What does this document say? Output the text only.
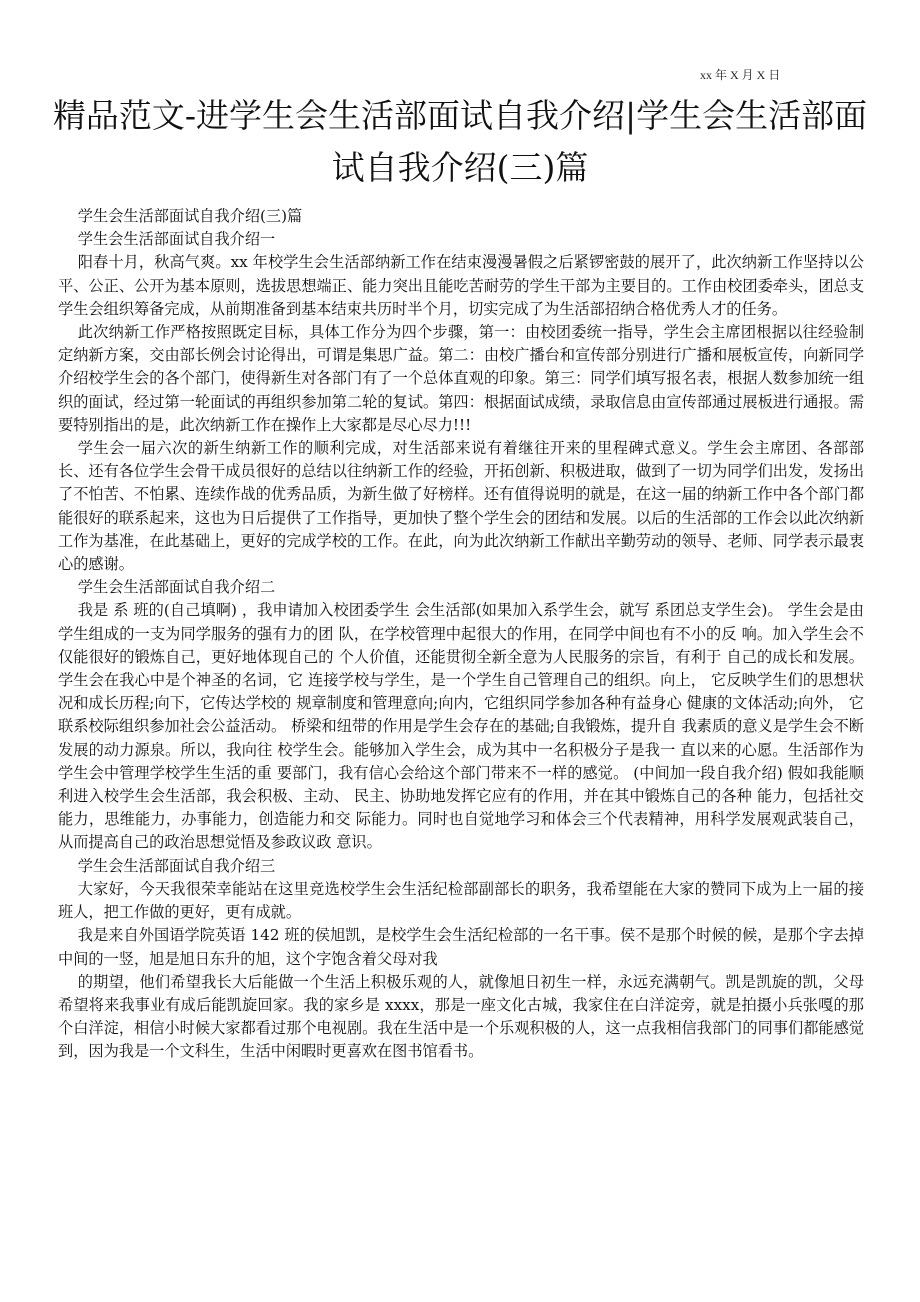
xx 年 X 月 X 日
精品范文-进学生会生活部面试自我介绍|学生会生活部面试自我介绍(三)篇

学生会生活部面试自我介绍(三)篇

学生会生活部面试自我介绍一

阳春十月，秋高气爽。xx 年校学生会生活部纳新工作在结束漫漫暑假之后紧锣密鼓的展开了，此次纳新工作坚持以公平、公正、公开为基本原则，选拔思想端正、能力突出且能吃苦耐劳的学生干部为主要目的。工作由校团委牵头，团总支学生会组织筹备完成，从前期准备到基本结束共历时半个月，切实完成了为生活部招纳合格优秀人才的任务。

此次纳新工作严格按照既定目标，具体工作分为四个步骤，第一：由校团委统一指导，学生会主席团根据以往经验制定纳新方案，交由部长例会讨论得出，可谓是集思广益。第二：由校广播台和宣传部分别进行广播和展板宣传，向新同学介绍校学生会的各个部门，使得新生对各部门有了一个总体直观的印象。第三：同学们填写报名表，根据人数参加统一组织的面试，经过第一轮面试的再组织参加第二轮的复试。第四：根据面试成绩，录取信息由宣传部通过展板进行通报。需要特别指出的是，此次纳新工作在操作上大家都是尽心尽力!!!

学生会一届六次的新生纳新工作的顺利完成，对生活部来说有着继往开来的里程碑式意义。学生会主席团、各部部长、还有各位学生会骨干成员很好的总结以往纳新工作的经验，开拓创新、积极进取，做到了一切为同学们出发，发扬出了不怕苦、不怕累、连续作战的优秀品质，为新生做了好榜样。还有值得说明的就是，在这一届的纳新工作中各个部门都能很好的联系起来，这也为日后提供了工作指导，更加快了整个学生会的团结和发展。以后的生活部的工作会以此次纳新工作为基准，在此基础上，更好的完成学校的工作。在此，向为此次纳新工作献出辛勤劳动的领导、老师、同学表示最衷心的感谢。

学生会生活部面试自我介绍二

我是 系 班的(自己填啊) ，我申请加入校团委学生 会生活部(如果加入系学生会，就写 系团总支学生会)。 学生会是由学生组成的一支为同学服务的强有力的团 队，在学校管理中起很大的作用，在同学中间也有不小的反 响。加入学生会不仅能很好的锻炼自己，更好地体现自己的 个人价值，还能贯彻全新全意为人民服务的宗旨，有利于 自己的成长和发展。学生会在我心中是个神圣的名词，它 连接学校与学生，是一个学生自己管理自己的组织。向上， 它反映学生们的思想状况和成长历程;向下，它传达学校的 规章制度和管理意向;向内，它组织同学参加各种有益身心 健康的文体活动;向外， 它联系校际组织参加社会公益活动。 桥梁和纽带的作用是学生会存在的基础;自我锻炼，提升自 我素质的意义是学生会不断发展的动力源泉。所以，我向往 校学生会。能够加入学生会，成为其中一名积极分子是我一 直以来的心愿。生活部作为学生会中管理学校学生生活的重 要部门，我有信心会给这个部门带来不一样的感觉。 (中间加一段自我介绍) 假如我能顺利进入校学生会生活部，我会积极、主动、 民主、协助地发挥它应有的作用，并在其中锻炼自己的各种 能力，包括社交能力，思维能力，办事能力，创造能力和交 际能力。同时也自觉地学习和体会三个代表精神，用科学发展观武装自己，从而提高自己的政治思想觉悟及参政议政 意识。

学生会生活部面试自我介绍三

大家好，今天我很荣幸能站在这里竞选校学生会生活纪检部副部长的职务，我希望能在大家的赞同下成为上一届的接班人，把工作做的更好，更有成就。

我是来自外国语学院英语 142 班的侯旭凯，是校学生会生活纪检部的一名干事。侯不是那个时候的候，是那个字去掉中间的一竖，旭是旭日东升的旭，这个字饱含着父母对我

的期望，他们希望我长大后能做一个生活上积极乐观的人，就像旭日初生一样，永远充满朝气。凯是凯旋的凯，父母希望将来我事业有成后能凯旋回家。我的家乡是 xxxx，那是一座文化古城，我家住在白洋淀旁，就是拍摄小兵张嘎的那个白洋淀，相信小时候大家都看过那个电视剧。我在生活中是一个乐观积极的人，这一点我相信我部门的同事们都能感觉到，因为我是一个文科生，生活中闲暇时更喜欢在图书馆看书。
